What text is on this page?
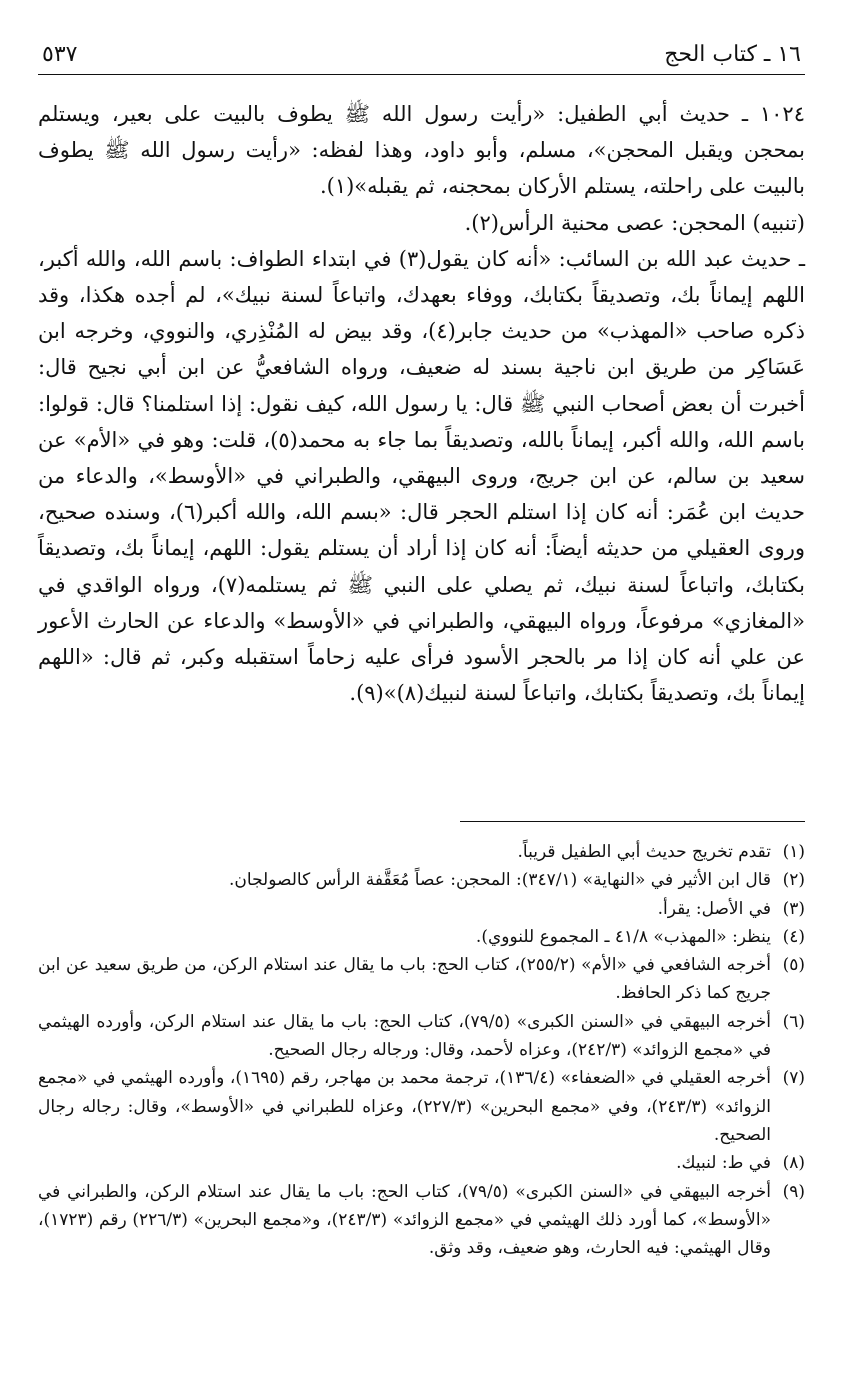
١٦ ـ كتاب الحج
٥٣٧

١٠٢٤ ـ حديث أبي الطفيل: «رأيت رسول الله ﷺ يطوف بالبيت على بعير، ويستلم بمحجن ويقبل المحجن»، مسلم، وأبو داود، وهذا لفظه: «رأيت رسول الله ﷺ يطوف بالبيت على راحلته، يستلم الأركان بمحجنه، ثم يقبله»(١).

(تنبيه) المحجن: عصى محنية الرأس(٢).

ـ حديث عبد الله بن السائب: «أنه كان يقول(٣) في ابتداء الطواف: باسم الله، والله أكبر، اللهم إيماناً بك، وتصديقاً بكتابك، ووفاء بعهدك، واتباعاً لسنة نبيك»، لم أجده هكذا، وقد ذكره صاحب «المهذب» من حديث جابر(٤)، وقد بيض له المُنْذِري، والنووي، وخرجه ابن عَسَاكِر من طريق ابن ناجية بسند له ضعيف، ورواه الشافعيُّ عن ابن أبي نجيح قال: أخبرت أن بعض أصحاب النبي ﷺ قال: يا رسول الله، كيف نقول: إذا استلمنا؟ قال: قولوا: باسم الله، والله أكبر، إيماناً بالله، وتصديقاً بما جاء به محمد(٥)، قلت: وهو في «الأم» عن سعيد بن سالم، عن ابن جريج، وروى البيهقي، والطبراني في «الأوسط»، والدعاء من حديث ابن عُمَر: أنه كان إذا استلم الحجر قال: «بسم الله، والله أكبر(٦)، وسنده صحيح، وروى العقيلي من حديثه أيضاً: أنه كان إذا أراد أن يستلم يقول: اللهم، إيماناً بك، وتصديقاً بكتابك، واتباعاً لسنة نبيك، ثم يصلي على النبي ﷺ ثم يستلمه(٧)، ورواه الواقدي في «المغازي» مرفوعاً، ورواه البيهقي، والطبراني في «الأوسط» والدعاء عن الحارث الأعور عن علي أنه كان إذا مر بالحجر الأسود فرأى عليه زحاماً استقبله وكبر، ثم قال: «اللهم إيماناً بك، وتصديقاً بكتابك، واتباعاً لسنة لنبيك(٨)»(٩).

(١)
تقدم تخريج حديث أبي الطفيل قريباً.
(٢)
قال ابن الأثير في «النهاية» (٣٤٧/١): المحجن: عصاً مُعَقَّفة الرأس كالصولجان.
(٣)
في الأصل: يقرأ.
(٤)
ينظر: «المهذب» ٤١/٨ ـ المجموع للنووي).
(٥)
أخرجه الشافعي في «الأم» (٢٥٥/٢)، كتاب الحج: باب ما يقال عند استلام الركن، من طريق سعيد عن ابن جريج كما ذكر الحافظ.
(٦)
أخرجه البيهقي في «السنن الكبرى» (٧٩/٥)، كتاب الحج: باب ما يقال عند استلام الركن، وأورده الهيثمي في «مجمع الزوائد» (٢٤٢/٣)، وعزاه لأحمد، وقال: ورجاله رجال الصحيح.
(٧)
أخرجه العقيلي في «الضعفاء» (١٣٦/٤)، ترجمة محمد بن مهاجر، رقم (١٦٩٥)، وأورده الهيثمي في «مجمع الزوائد» (٢٤٣/٣)، وفي «مجمع البحرين» (٢٢٧/٣)، وعزاه للطبراني في «الأوسط»، وقال: رجاله رجال الصحيح.
(٨)
في ط: لنبيك.
(٩)
أخرجه البيهقي في «السنن الكبرى» (٧٩/٥)، كتاب الحج: باب ما يقال عند استلام الركن، والطبراني في «الأوسط»، كما أورد ذلك الهيثمي في «مجمع الزوائد» (٢٤٣/٣)، و«مجمع البحرين» (٢٢٦/٣) رقم (١٧٢٣)، وقال الهيثمي: فيه الحارث، وهو ضعيف، وقد وثق.
